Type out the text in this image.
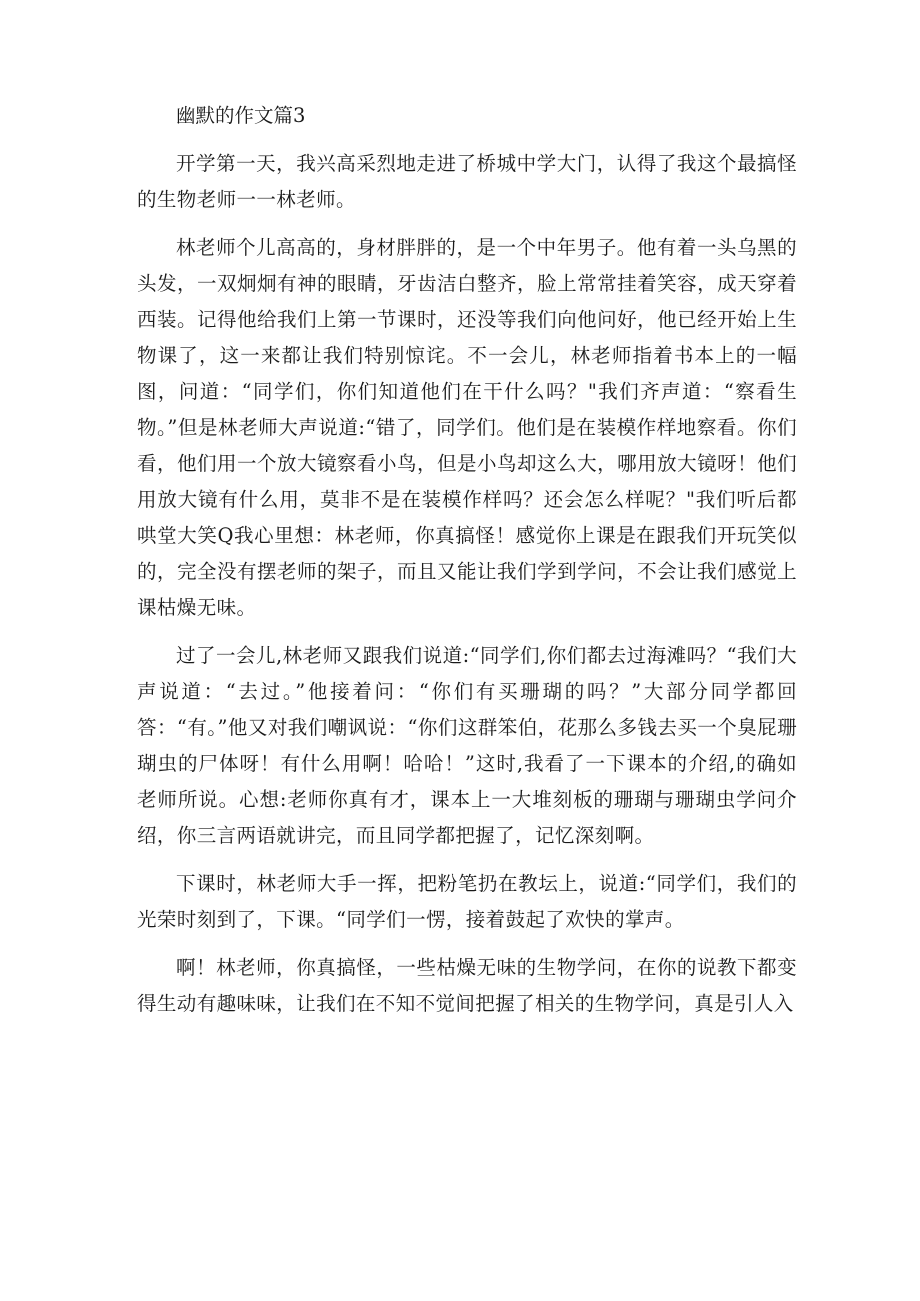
幽默的作文篇3

开学第一天，我兴高采烈地走进了桥城中学大门，认得了我这个最搞怪的生物老师一一林老师。

林老师个儿高高的，身材胖胖的，是一个中年男子。他有着一头乌黑的头发，一双炯炯有神的眼睛，牙齿洁白整齐，脸上常常挂着笑容，成天穿着西装。记得他给我们上第一节课时，还没等我们向他问好，他已经开始上生物课了，这一来都让我们特别惊诧。不一会儿，林老师指着书本上的一幅图，问道：“同学们，你们知道他们在干什么吗？"我们齐声道：“察看生物。”但是林老师大声说道:“错了，同学们。他们是在装模作样地察看。你们看，他们用一个放大镜察看小鸟，但是小鸟却这么大，哪用放大镜呀！他们用放大镜有什么用，莫非不是在装模作样吗？还会怎么样呢？"我们听后都哄堂大笑Q我心里想：林老师，你真搞怪！感觉你上课是在跟我们开玩笑似的，完全没有摆老师的架子，而且又能让我们学到学问，不会让我们感觉上课枯燥无味。

过了一会儿,林老师又跟我们说道:“同学们,你们都去过海滩吗？“我们大声说道：“去过。”他接着问：“你们有买珊瑚的吗？”大部分同学都回答：“有。”他又对我们嘲讽说：“你们这群笨伯，花那么多钱去买一个臭屁珊瑚虫的尸体呀！有什么用啊！哈哈！”这时,我看了一下课本的介绍,的确如老师所说。心想:老师你真有才，课本上一大堆刻板的珊瑚与珊瑚虫学问介绍，你三言两语就讲完，而且同学都把握了，记忆深刻啊。

下课时，林老师大手一挥，把粉笔扔在教坛上，说道:“同学们，我们的光荣时刻到了，下课。“同学们一愣，接着鼓起了欢快的掌声。

啊！林老师，你真搞怪，一些枯燥无味的生物学问，在你的说教下都变得生动有趣味味，让我们在不知不觉间把握了相关的生物学问，真是引人入
